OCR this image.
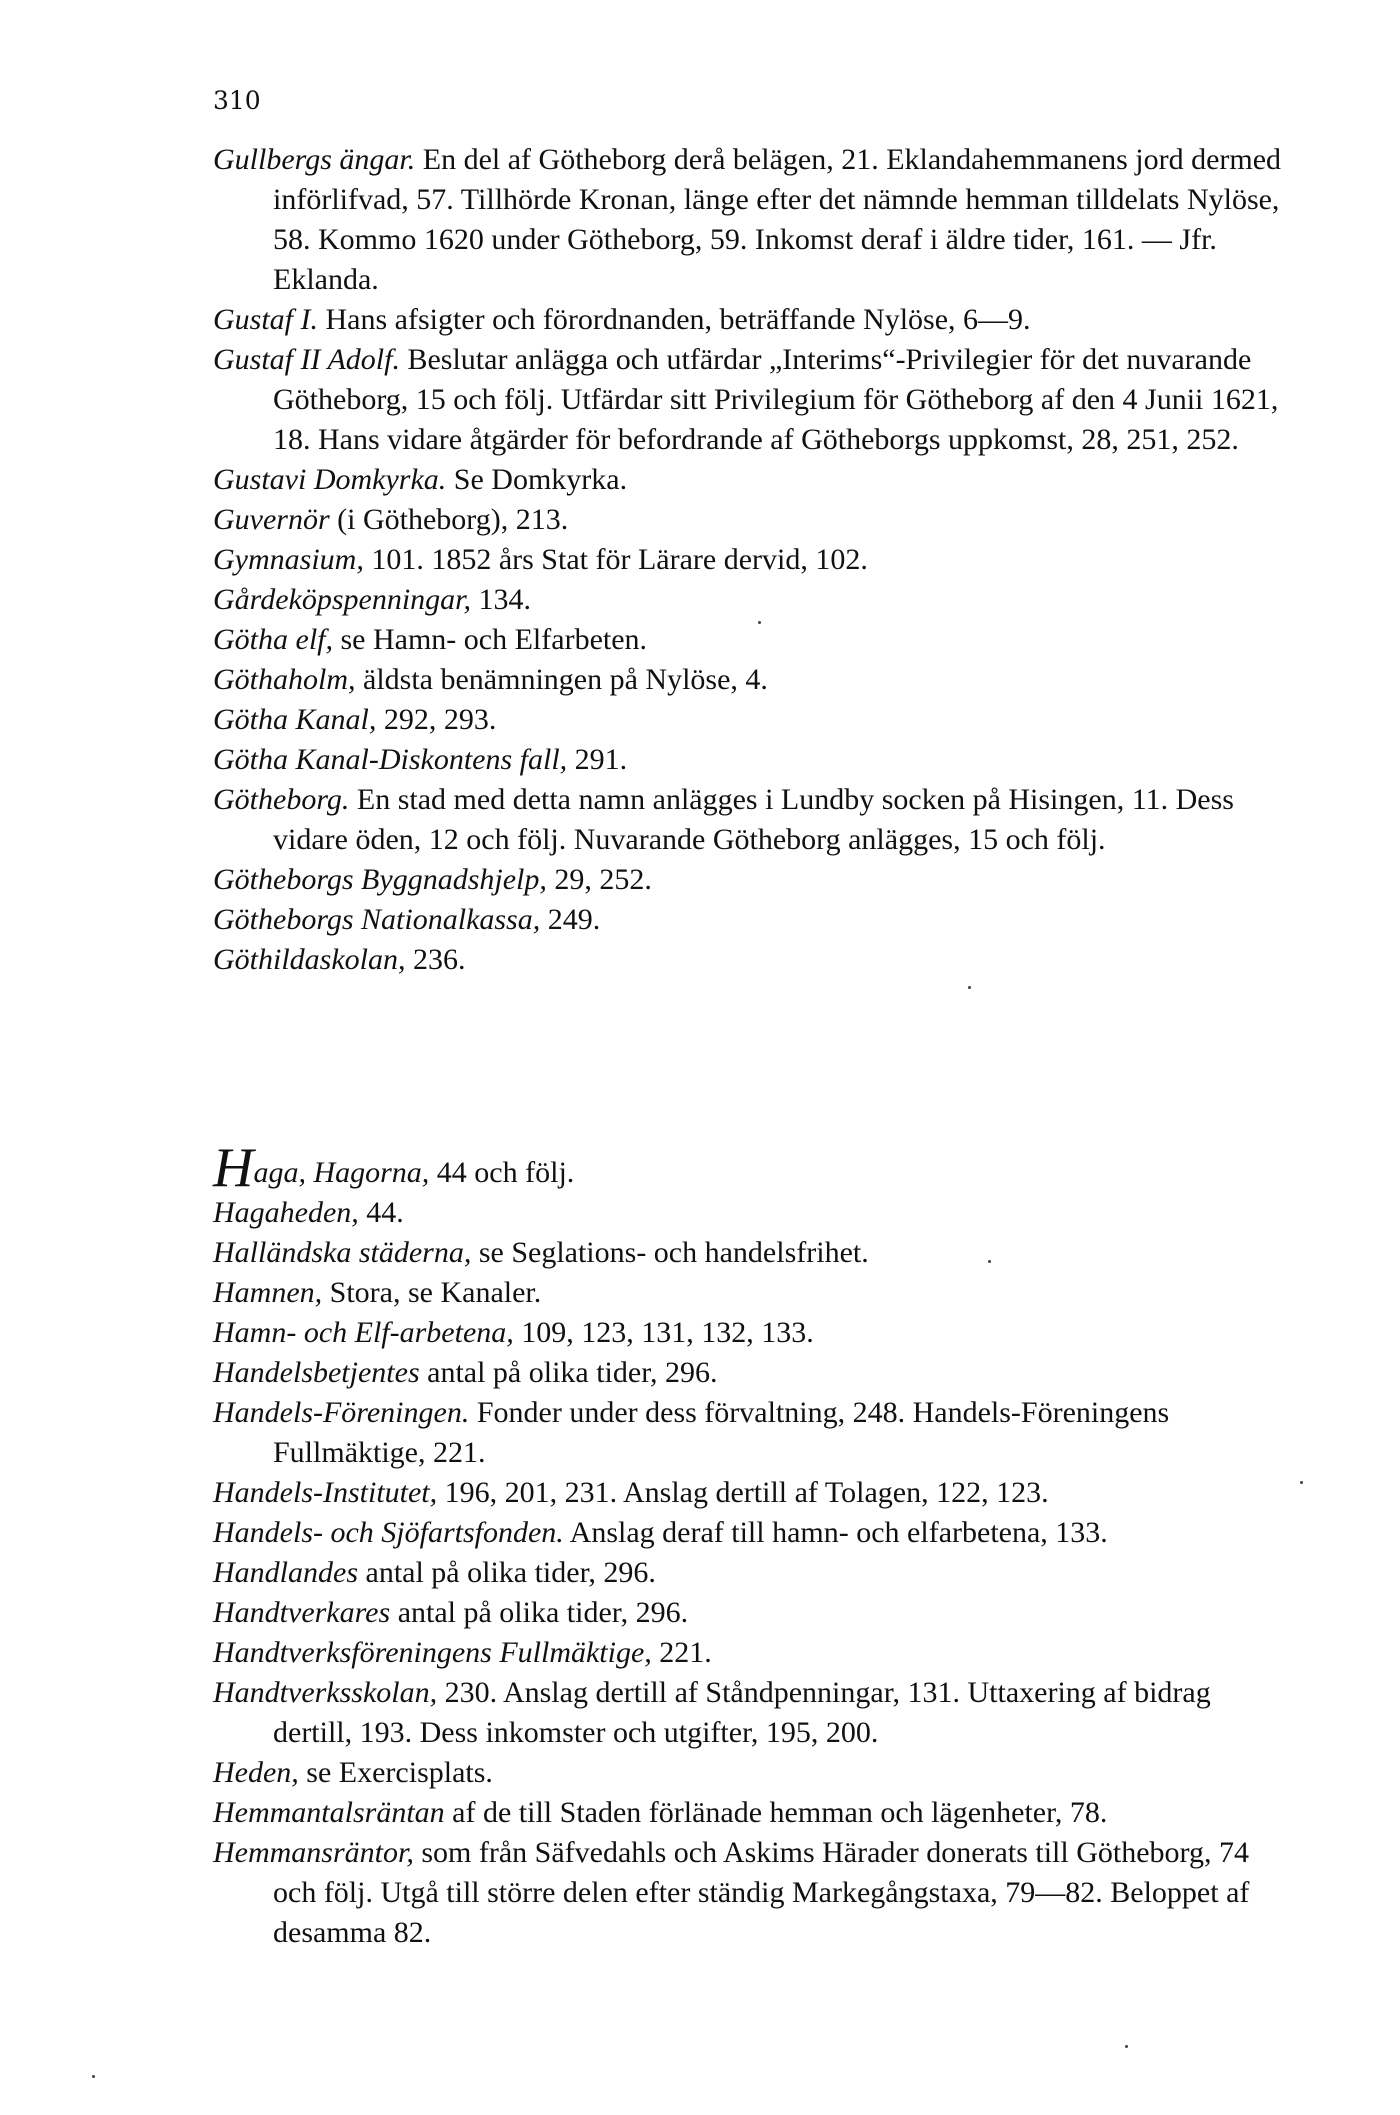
310

Gullbergs ängar. En del af Götheborg derå belägen, 21. Eklandahemmanens jord dermed införlifvad, 57. Tillhörde Kronan, länge efter det nämnde hemman tilldelats Nylöse, 58. Kommo 1620 under Götheborg, 59. Inkomst deraf i äldre tider, 161. — Jfr. Eklanda.

Gustaf I. Hans afsigter och förordnanden, beträffande Nylöse, 6—9.

Gustaf II Adolf. Beslutar anlägga och utfärdar „Interims“-Privilegier för det nuvarande Götheborg, 15 och följ. Utfärdar sitt Privilegium för Götheborg af den 4 Junii 1621, 18. Hans vidare åtgärder för befordrande af Götheborgs uppkomst, 28, 251, 252.

Gustavi Domkyrka. Se Domkyrka.

Guvernör (i Götheborg), 213.

Gymnasium, 101. 1852 års Stat för Lärare dervid, 102.

Gårdeköpspenningar, 134.

Götha elf, se Hamn- och Elfarbeten.

Göthaholm, äldsta benämningen på Nylöse, 4.

Götha Kanal, 292, 293.

Götha Kanal-Diskontens fall, 291.

Götheborg. En stad med detta namn anlägges i Lundby socken på Hisingen, 11. Dess vidare öden, 12 och följ. Nuvarande Götheborg anlägges, 15 och följ.

Götheborgs Byggnadshjelp, 29, 252.

Götheborgs Nationalkassa, 249.

Göthildaskolan, 236.

Haga, Hagorna, 44 och följ.

Hagaheden, 44.

Halländska städerna, se Seglations- och handelsfrihet.

Hamnen, Stora, se Kanaler.

Hamn- och Elf-arbetena, 109, 123, 131, 132, 133.

Handelsbetjentes antal på olika tider, 296.

Handels-Föreningen. Fonder under dess förvaltning, 248. Handels-Föreningens Fullmäktige, 221.

Handels-Institutet, 196, 201, 231. Anslag dertill af Tolagen, 122, 123.

Handels- och Sjöfartsfonden. Anslag deraf till hamn- och elfarbetena, 133.

Handlandes antal på olika tider, 296.

Handtverkares antal på olika tider, 296.

Handtverksföreningens Fullmäktige, 221.

Handtverksskolan, 230. Anslag dertill af Ståndpenningar, 131. Uttaxering af bidrag dertill, 193. Dess inkomster och utgifter, 195, 200.

Heden, se Exercisplats.

Hemmantalsräntan af de till Staden förlänade hemman och lägenheter, 78.

Hemmansräntor, som från Säfvedahls och Askims Härader donerats till Götheborg, 74 och följ. Utgå till större delen efter ständig Markegångstaxa, 79—82. Beloppet af desamma 82.
